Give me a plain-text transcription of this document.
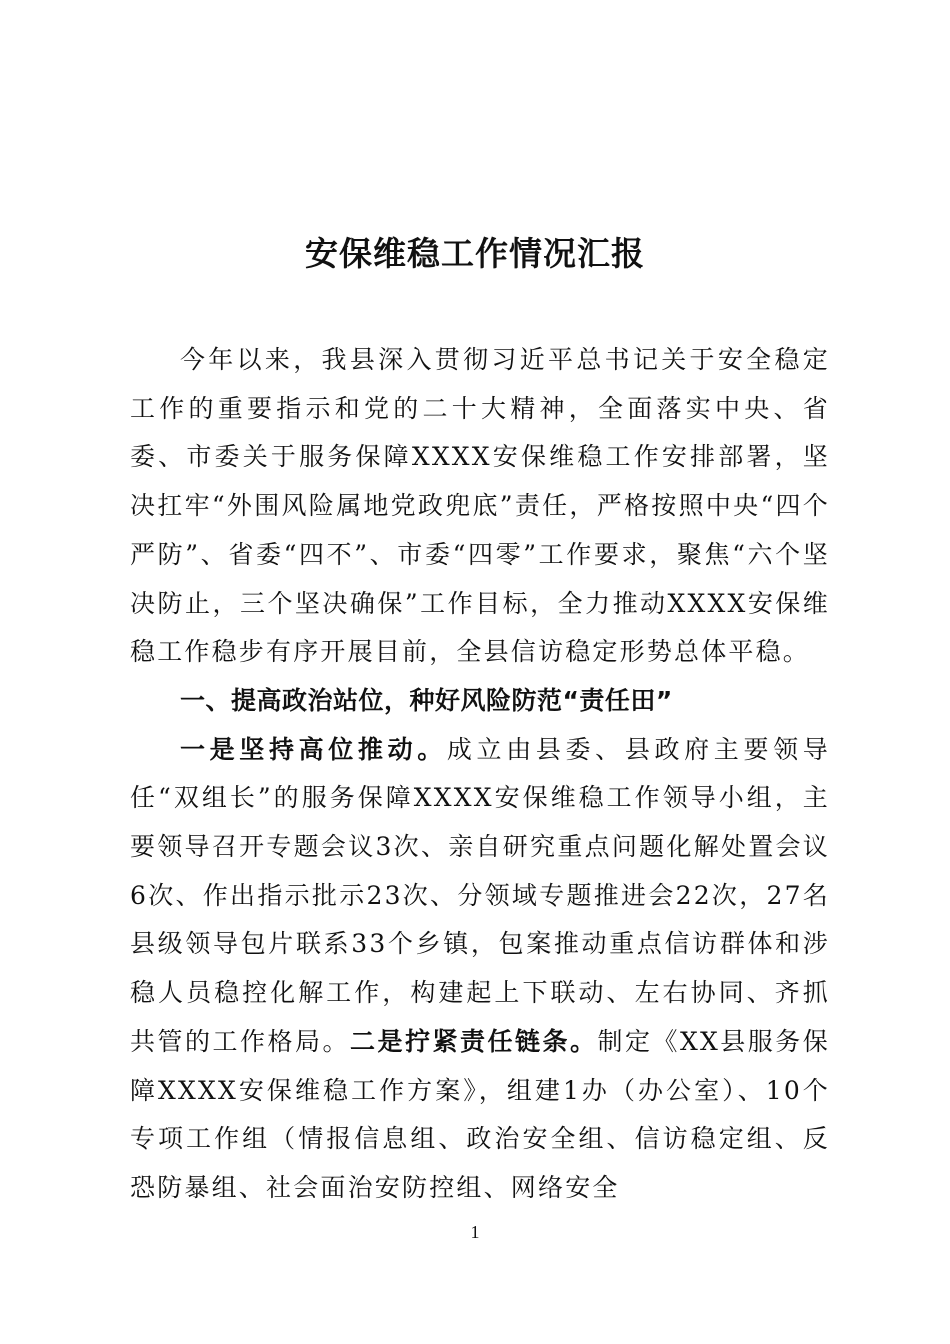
安保维稳工作情况汇报

今年以来，我县深入贯彻习近平总书记关于安全稳定工作的重要指示和党的二十大精神，全面落实中央、省委、市委关于服务保障XXXX安保维稳工作安排部署，坚决扛牢“外围风险属地党政兜底”责任，严格按照中央“四个严防”、省委“四不”、市委“四零”工作要求，聚焦“六个坚决防止，三个坚决确保”工作目标，全力推动XXXX安保维稳工作稳步有序开展目前，全县信访稳定形势总体平稳。

一、提高政治站位，种好风险防范“责任田”

一是坚持高位推动。成立由县委、县政府主要领导任“双组长”的服务保障XXXX安保维稳工作领导小组，主要领导召开专题会议3次、亲自研究重点问题化解处置会议6次、作出指示批示23次、分领域专题推进会22次，27名县级领导包片联系33个乡镇，包案推动重点信访群体和涉稳人员稳控化解工作，构建起上下联动、左右协同、齐抓共管的工作格局。二是拧紧责任链条。制定《XX县服务保障XXXX安保维稳工作方案》，组建1办（办公室）、10个专项工作组（情报信息组、政治安全组、信访稳定组、反恐防暴组、社会面治安防控组、网络安全

1
